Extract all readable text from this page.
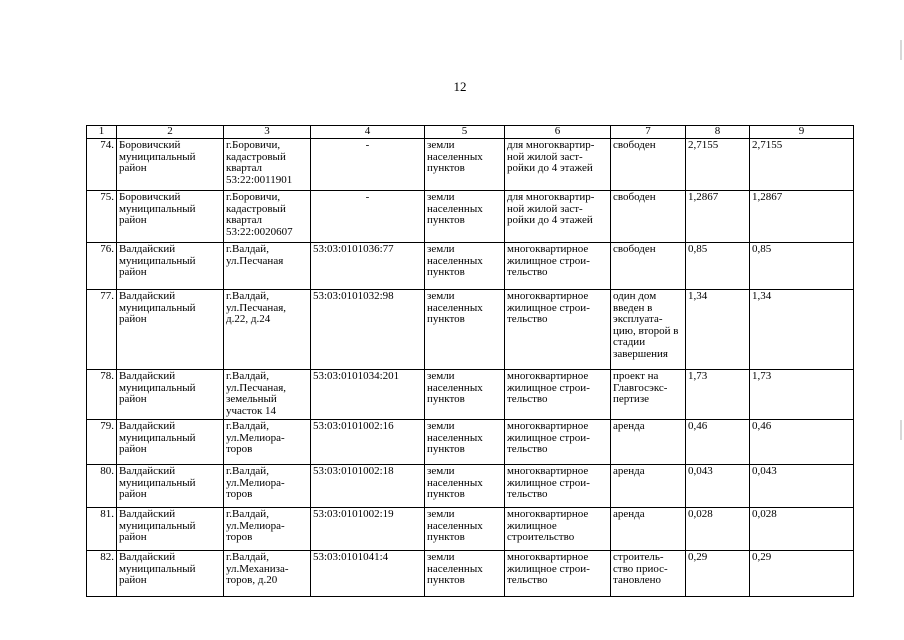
12
1	2	3	4	5	6	7	8	9
74.	Боровичский муниципальный район	г.Боровичи, кадастровый квартал 53:22:0011901	-	земли населенных пунктов	для многоквартир-ной жилой заст-ройки до 4 этажей	свободен	2,7155	2,7155
75.	Боровичский муниципальный район	г.Боровичи, кадастровый квартал 53:22:0020607	-	земли населенных пунктов	для многоквартир-ной жилой заст-ройки до 4 этажей	свободен	1,2867	1,2867
76.	Валдайский муниципальный район	г.Валдай, ул.Песчаная	53:03:0101036:77	земли населенных пунктов	многоквартирное жилищное строи-тельство	свободен	0,85	0,85
77.	Валдайский муниципальный район	г.Валдай, ул.Песчаная, д.22, д.24	53:03:0101032:98	земли населенных пунктов	многоквартирное жилищное строи-тельство	один дом введен в эксплуата-цию, второй в стадии завершения	1,34	1,34
78.	Валдайский муниципальный район	г.Валдай, ул.Песчаная, земельный участок 14	53:03:0101034:201	земли населенных пунктов	многоквартирное жилищное строи-тельство	проект на Главгосэкс-пертизе	1,73	1,73
79.	Валдайский муниципальный район	г.Валдай, ул.Мелиора-торов	53:03:0101002:16	земли населенных пунктов	многоквартирное жилищное строи-тельство	аренда	0,46	0,46
80.	Валдайский муниципальный район	г.Валдай, ул.Мелиора-торов	53:03:0101002:18	земли населенных пунктов	многоквартирное жилищное строи-тельство	аренда	0,043	0,043
81.	Валдайский муниципальный район	г.Валдай, ул.Мелиора-торов	53:03:0101002:19	земли населенных пунктов	многоквартирное жилищное строительство	аренда	0,028	0,028
82.	Валдайский муниципальный район	г.Валдай, ул.Механиза-торов, д.20	53:03:0101041:4	земли населенных пунктов	многоквартирное жилищное строи-тельство	строитель-ство приос-тановлено	0,29	0,29
